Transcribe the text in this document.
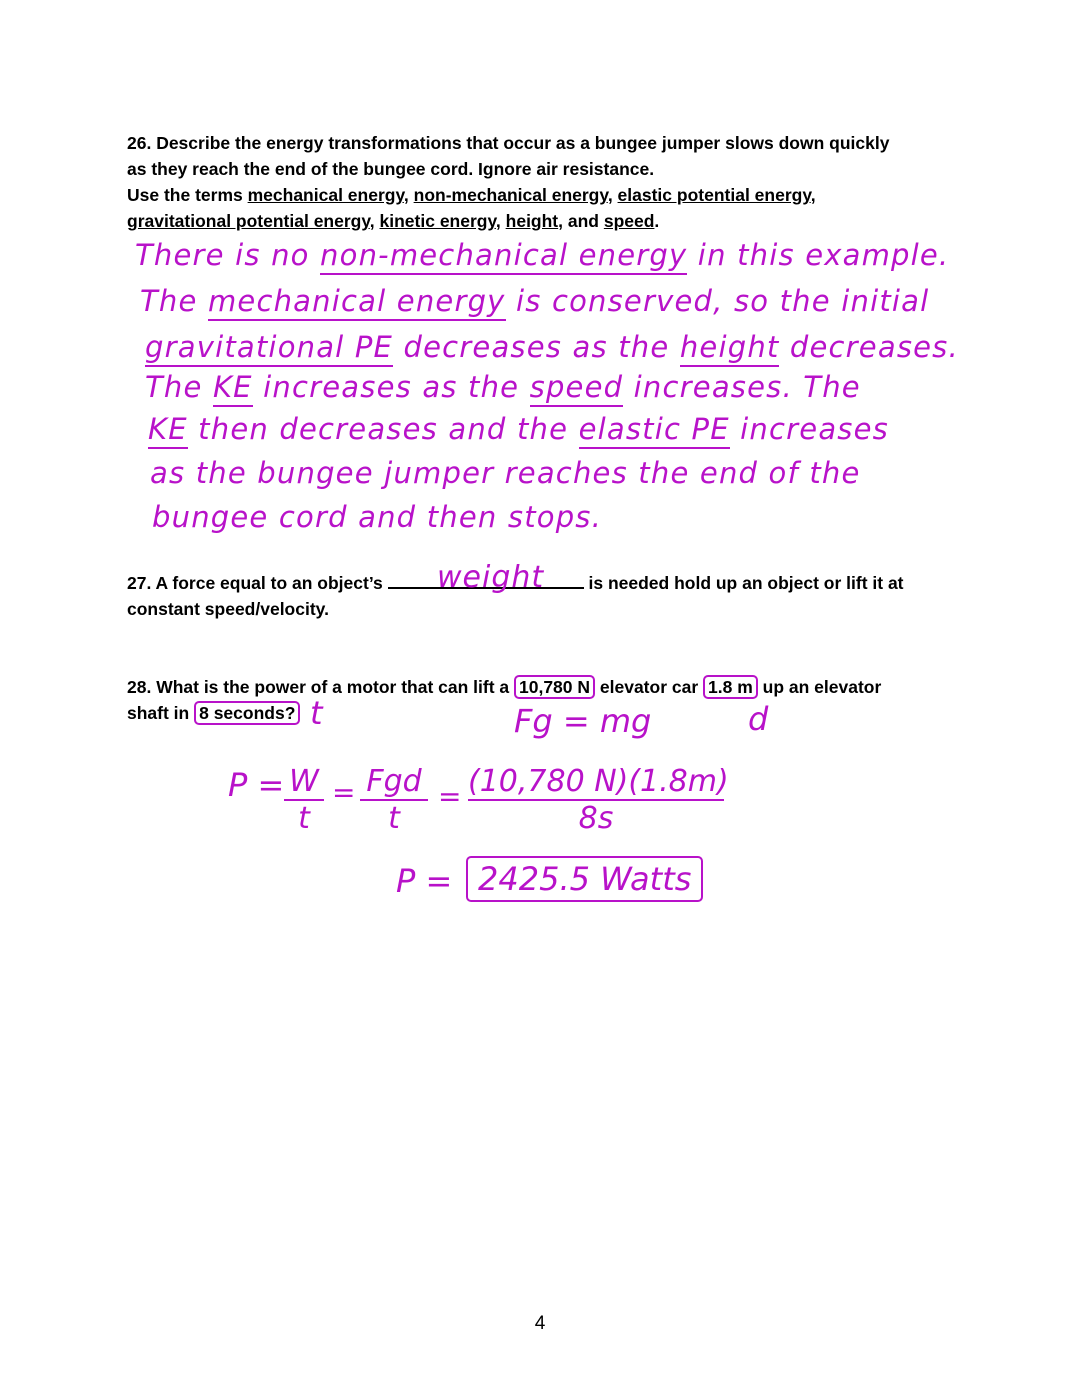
26. Describe the energy transformations that occur as a bungee jumper slows down quickly
as they reach the end of the bungee cord. Ignore air resistance.
Use the terms mechanical energy, non-mechanical energy, elastic potential energy,
gravitational potential energy, kinetic energy, height, and speed.
There is no non-mechanical energy in this example.
The mechanical energy is conserved, so the initial
gravitational PE decreases as the height decreases.
The KE increases as the speed increases. The
KE then decreases and the elastic PE increases
as the bungee jumper reaches the end of the
bungee cord and then stops.
27. A force equal to an object’s	is needed hold up an object or lift it at
constant speed/velocity.
weight
28. What is the power of a motor that can lift a 10,780 N elevator car 1.8 m up an elevator
shaft in 8 seconds? t	Fg = mg	d
$P = \frac{W}{t}$ = Fgd
t
= $\frac{(10,780 N)(1.8m)}{8s}$
P = 2425.5 Watts
4
